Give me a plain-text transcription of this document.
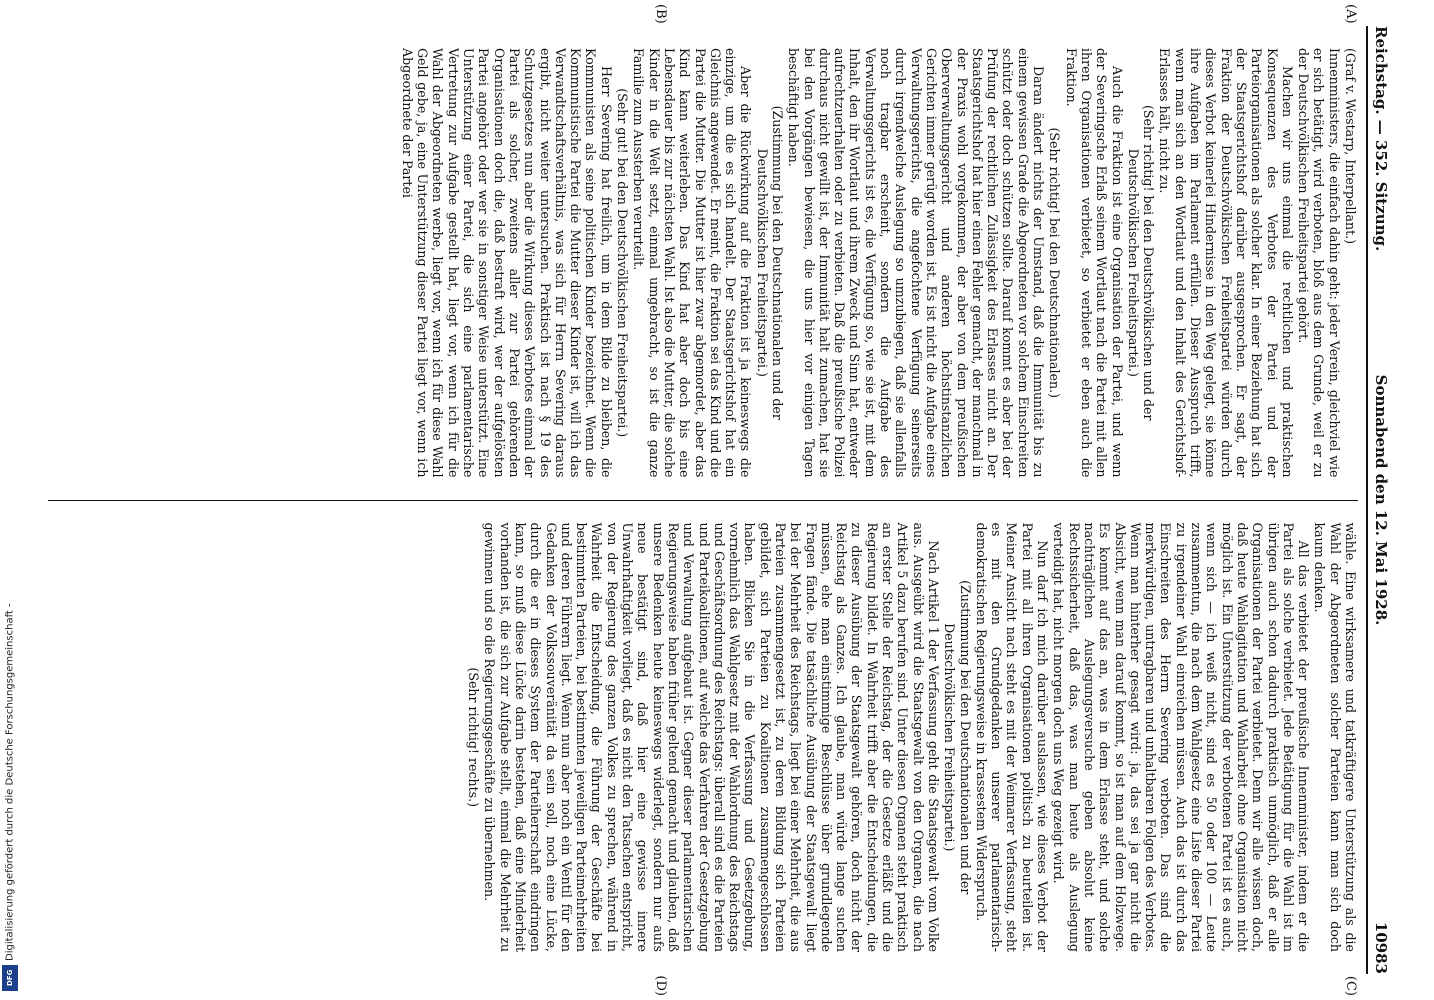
Digitalisierung gefördert durch die Deutsche Forschungsgemeinschaft -
DFG
Reichstag. — 352. Sitzung.
Sonnabend den 12. Mai 1928.
10983
(A)
(B)

(Graf v. Westarp, Interpellant.)

Innenministers, die einfach dahin geht: jeder Verein, gleichviel wie er sich betätigt, wird verboten, bloß aus dem Grunde, weil er zu der Deutschvölkischen Freiheitspartei gehört.

Machen wir uns einmal die rechtlichen und praktischen Konsequenzen des Verbotes der Partei und der Parteiorganisationen als solcher klar. In einer Beziehung hat sich der Staatsgerichtshof darüber ausgesprochen. Er sagt, der Fraktion der Deutschvölkischen Freiheitspartei würden durch dieses Verbot keinerlei Hindernisse in den Weg gelegt, sie könne ihre Aufgaben im Parlament erfüllen. Dieser Ausspruch trifft, wenn man sich an den Wortlaut und den Inhalt des Gerichtshof-Erlasses hält, nicht zu.

(Sehr richtig! bei den Deutschvölkischen und der Deutschvölkischen Freiheitspartei.)

Auch die Fraktion ist eine Organisation der Partei, und wenn der Severingsche Erlaß seinem Wortlaut nach die Partei mit allen ihren Organisationen verbietet, so verbietet er eben auch die Fraktion.

(Sehr richtig! bei den Deutschnationalen.)

Daran ändert nichts der Umstand, daß die Immunität bis zu einem gewissen Grade die Abgeordneten vor solchem Einschreiten schützt oder doch schützen sollte. Darauf kommt es aber bei der Prüfung der rechtlichen Zulässigkeit des Erlasses nicht an. Der Staatsgerichtshof hat hier einen Fehler gemacht, der manchmal in der Praxis wohl vorgekommen, der aber von dem preußischen Oberverwaltungsgericht und anderen höchstinstanzlichen Gerichten immer gerügt worden ist. Es ist nicht die Aufgabe eines Verwaltungsgerichts, die angefochtene Verfügung seinerseits durch irgendwelche Auslegung so umzubiegen, daß sie allenfalls noch tragbar erscheint, sondern die Aufgabe des Verwaltungsgerichts ist es, die Verfügung so, wie sie ist, mit dem Inhalt, den ihr Wortlaut und ihrem Zweck und Sinn hat, entweder aufrechtzuerhalten oder zu verbieten. Daß die preußische Polizei durchaus nicht gewillt ist, der Immunität halt zumachen, hat sie bei den Vorgängen bewiesen, die uns hier vor einigen Tagen beschäftigt haben.

(Zustimmung bei den Deutschnationalen und der Deutschvölkischen Freiheitspartei.)

Aber die Rückwirkung auf die Fraktion ist ja keineswegs die einzige, um die es sich handelt. Der Staatsgerichtshof hat ein Gleichnis angewendet. Er meint, die Fraktion sei das Kind und die Partei die Mutter. Die Mutter ist hier zwar abgemordet, aber das Kind kann weiterleben. Das Kind hat aber doch bis eine Lebensdauer bis zur nächsten Wahl. Ist also die Mutter, die solche Kinder in die Welt setzt, einmal umgebracht, so ist die ganze Familie zum Aussterben verurteilt.

(Sehr gut! bei den Deutschvölkischen Freiheitspartei.)

Herr Severing hat freilich, um in dem Bilde zu bleiben, die Kommunisten als seine politischen Kinder bezeichnet. Wenn die Kommunistische Partei die Mutter dieser Kinder ist, will ich das Verwandtschaftsverhältnis, was sich für Herrn Severing daraus ergibt, nicht weiter untersuchen. Praktisch ist nach § 19 des Schutzgesetzes nun aber die Wirkung dieses Verbotes einmal der Partei als solcher, zweitens aller zur Partei gehörenden Organisationen doch die, daß bestraft wird, wer der aufgelösten Partei angehört oder wer sie in sonstiger Weise unterstützt. Eine Unterstützung einer Partei, die sich eine parlamentarische Vertretung zur Aufgabe gestellt hat, liegt vor, wenn ich für die Wahl der Abgeordneten werbe, liegt vor, wenn ich für diese Wahl Geld gebe, ja, eine Unterstützung dieser Partei liegt vor, wenn ich Abgeordnete der Partei

(C)
(D)

wähle. Eine wirksamere und tatkräftigere Unterstützung als die Wahl der Abgeordneten solcher Parteien kann man sich doch kaum denken.

All das verbietet der preußische Innenminister, indem er die Partei als solche verbietet. Jede Betätigung für die Wahl ist im übrigen auch schon dadurch praktisch unmöglich, daß er alle Organisationen der Partei verbietet. Denn wir alle wissen doch, daß heute Wahlagitation und Wahlarbeit ohne Organisation nicht möglich ist. Ein Unterstützung der verbotenen Partei ist es auch, wenn sich — ich weiß nicht, sind es 50 oder 100 — Leute zusammentun, die nach dem Wahlgesetz eine Liste dieser Partei zu irgendeiner Wahl einreichen müssen. Auch das ist durch das Einschreiten des Herrn Severing verboten. Das sind die merkwürdigen, untragbaren und unhaltbaren Folgen des Verbotes. Wenn man hinterher gesagt wird: ja, das sei ja gar nicht die Absicht, wenn man darauf kommt, so ist man auf dem Holzwege. Es kommt auf das an, was in dem Erlasse steht, und solche nachträglichen Auslegungsversuche geben absolut keine Rechtssicherheit, daß das, was man heute als Auslegung verteidigt hat, nicht morgen doch uns Weg gezeigt wird.

Nun darf ich mich darüber auslassen, wie dieses Verbot der Partei mit all ihren Organisationen politisch zu beurteilen ist. Meiner Ansicht nach steht es mit der Weimarer Verfassung, steht es mit den Grundgedanken unserer parlamentarisch-demokratischen Regierungsweise in krassestem Widerspruch.

(Zustimmung bei den Deutschnationalen und der Deutschvölkischen Freiheitspartei.)

Nach Artikel 1 der Verfassung geht die Staatsgewalt vom Volke aus. Ausgeübt wird die Staatsgewalt von den Organen, die nach Artikel 5 dazu berufen sind. Unter diesen Organen steht praktisch an erster Stelle der Reichstag, der die Gesetze erläßt und die Regierung bildet. In Wahrheit trifft aber die Entscheidungen, die zu dieser Ausübung der Staatsgewalt gehören, doch nicht der Reichstag als Ganzes. Ich glaube, man würde lange suchen müssen, ehe man einstimmige Beschlüsse über grundlegende Fragen fände. Die tatsächliche Ausübung der Staatsgewalt liegt bei der Mehrheit des Reichstags, liegt bei einer Mehrheit, die aus Parteien zusammengesetzt ist, zu deren Bildung sich Parteien gebildet, sich Parteien zu Koalitionen zusammengeschlossen haben. Blicken Sie in die Verfassung und Gesetzgebung, vornehmlich das Wahlgesetz mit der Wahlordnung des Reichstags und Geschäftsordnung des Reichstags: überall sind es die Parteien und Parteikoalitionen, auf welche das Verfahren der Gesetzgebung und Verwaltung aufgebaut ist. Gegner dieser parlamentarischen Regierungsweise haben früher geltend gemacht und glauben, daß unsere Bedenken heute keineswegs widerlegt, sondern nur aufs neue bestätigt sind, daß hier eine gewisse innere Unwahrhaftigkeit vorliegt, daß es nicht den Tatsachen entspricht, von der Regierung des ganzen Volkes zu sprechen, während in Wahrheit die Entscheidung, die Führung der Geschäfte bei bestimmten Parteien, bei bestimmten jeweiligen Parteimehrheiten und deren Führern liegt. Wenn nun aber noch ein Ventil für den Gedanken der Volkssouveränität da sein soll, noch eine Lücke, durch die er in dieses System der Parteiherrschaft eindringen kann, so muß diese Lücke darin bestehen, daß eine Minderheit vorhanden ist, die sich zur Aufgabe stellt, einmal die Mehrheit zu gewinnen und so die Regierungsgeschäfte zu übernehmen.

(Sehr richtig! rechts.)
